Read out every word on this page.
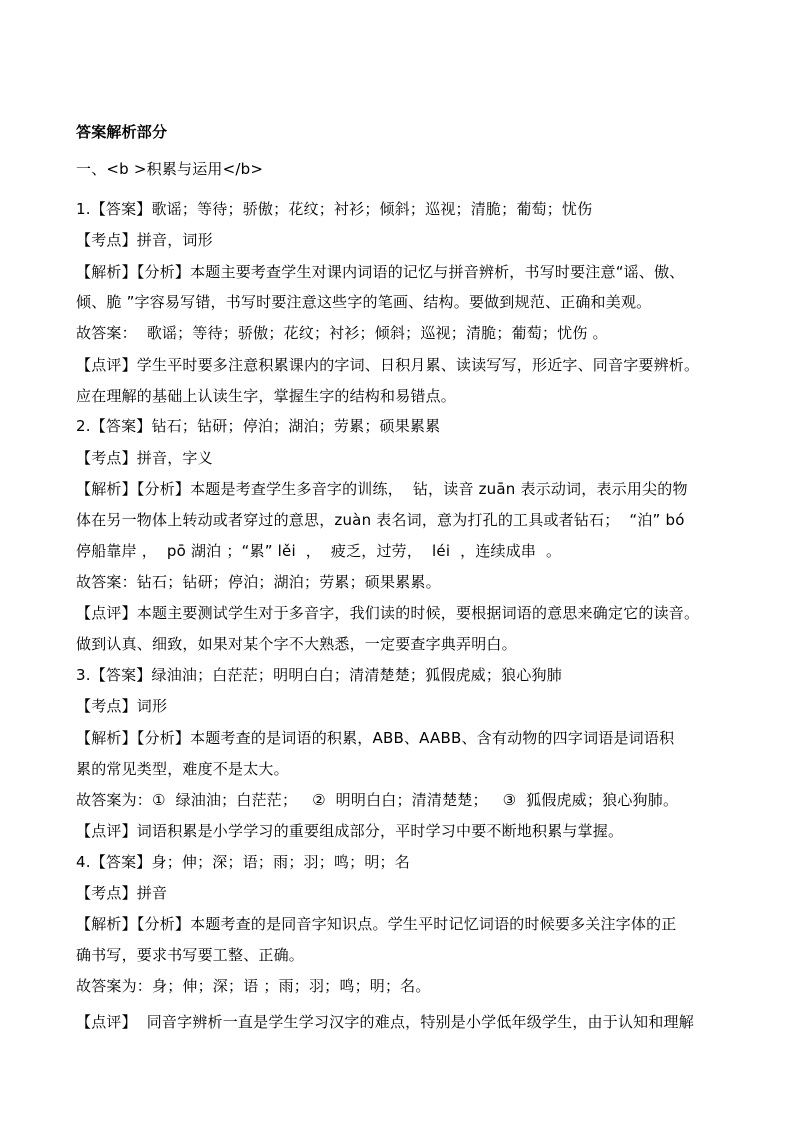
答案解析部分
一、<b >积累与运用</b>
1.【答案】歌谣；等待；骄傲；花纹；衬衫；倾斜；巡视；清脆；葡萄；忧伤
【考点】拼音，词形
【解析】【分析】本题主要考查学生对课内词语的记忆与拼音辨析，书写时要注意“谣、傲、
倾、脆 ”字容易写错，书写时要注意这些字的笔画、结构。要做到规范、正确和美观。
故答案：  歌谣；等待；骄傲；花纹；衬衫；倾斜；巡视；清脆；葡萄；忧伤 。
【点评】学生平时要多注意积累课内的字词、日积月累、读读写写，形近字、同音字要辨析。
应在理解的基础上认读生字，掌握生字的结构和易错点。
2.【答案】钻石；钻研；停泊；湖泊；劳累；硕果累累
【考点】拼音，字义
【解析】【分析】本题是考查学生多音字的训练，  钻，读音 zuān 表示动词，表示用尖的物
体在另一物体上转动或者穿过的意思，zuàn 表名词，意为打孔的工具或者钻石；  “泊” bó
停船靠岸 ，  pō 湖泊 ；“累” lěi  ，  疲乏，过劳，  léi  ，连续成串  。
故答案：钻石；钻研；停泊；湖泊；劳累；硕果累累。
【点评】本题主要测试学生对于多音字，我们读的时候，要根据词语的意思来确定它的读音。
做到认真、细致，如果对某个字不大熟悉，一定要查字典弄明白。
3.【答案】绿油油；白茫茫；明明白白；清清楚楚；狐假虎威；狼心狗肺
【考点】词形
【解析】【分析】本题考查的是词语的积累，ABB、AABB、含有动物的四字词语是词语积
累的常见类型，难度不是太大。
故答案为：①  绿油油；白茫茫；   ②  明明白白；清清楚楚；   ③  狐假虎威；狼心狗肺。
【点评】词语积累是小学学习的重要组成部分，平时学习中要不断地积累与掌握。
4.【答案】身；伸；深；语；雨；羽；鸣；明；名
【考点】拼音
【解析】【分析】本题考查的是同音字知识点。学生平时记忆词语的时候要多关注字体的正
确书写，要求书写要工整、正确。
故答案为：身；伸；深；语 ；雨；羽；鸣；明；名。
【点评】  同音字辨析一直是学生学习汉字的难点，特别是小学低年级学生，由于认知和理解
